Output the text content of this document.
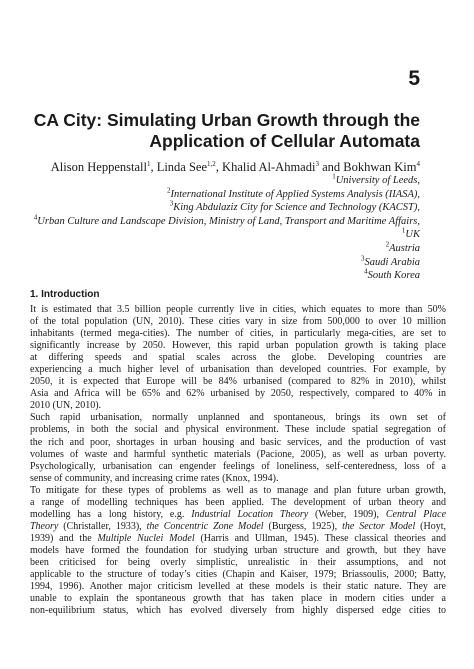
5
CA City: Simulating Urban Growth through the
Application of Cellular Automata
Alison Heppenstall$^1$, Linda See$^{1,2}$, Khalid Al-Ahmadi$^3$ and Bokhwan Kim$^4$
$^1$University of Leeds,
$^2$International Institute of Applied Systems Analysis (IIASA),
$^3$King Abdulaziz City for Science and Technology (KACST),
$^4$Urban Culture and Landscape Division, Ministry of Land, Transport and Maritime Affairs,
$^1$UK
$^2$Austria
$^3$Saudi Arabia
$^4$South Korea
1. Introduction
It is estimated that 3.5 billion people currently live in cities, which equates to more than 50%
of the total population (UN, 2010). These cities vary in size from 500,000 to over 10 million
inhabitants (termed mega-cities). The number of cities, in particularly mega-cities, are set to
significantly increase by 2050. However, this rapid urban population growth is taking place
at differing speeds and spatial scales across the globe. Developing countries are
experiencing a much higher level of urbanisation than developed countries. For example, by
2050, it is expected that Europe will be 84% urbanised (compared to 82% in 2010), whilst
Asia and Africa will be 65% and 62% urbanised by 2050, respectively, compared to 40% in
2010 (UN, 2010).
Such rapid urbanisation, normally unplanned and spontaneous, brings its own set of
problems, in both the social and physical environment. These include spatial segregation of
the rich and poor, shortages in urban housing and basic services, and the production of vast
volumes of waste and harmful synthetic materials (Pacione, 2005), as well as urban poverty.
Psychologically, urbanisation can engender feelings of loneliness, self-centeredness, loss of a
sense of community, and increasing crime rates (Knox, 1994).
To mitigate for these types of problems as well as to manage and plan future urban growth,
a range of modelling techniques has been applied. The development of urban theory and
modelling has a long history, e.g. Industrial Location Theory (Weber, 1909), Central Place
Theory (Christaller, 1933), the Concentric Zone Model (Burgess, 1925), the Sector Model (Hoyt,
1939) and the Multiple Nuclei Model (Harris and Ullman, 1945). These classical theories and
models have formed the foundation for studying urban structure and growth, but they have
been criticised for being overly simplistic, unrealistic in their assumptions, and not
applicable to the structure of today’s cities (Chapin and Kaiser, 1979; Briassoulis, 2000; Batty,
1994, 1996). Another major criticism levelled at these models is their static nature. They are
unable to explain the spontaneous growth that has taken place in modern cities under a
non-equilibrium status, which has evolved diversely from highly dispersed edge cities to
